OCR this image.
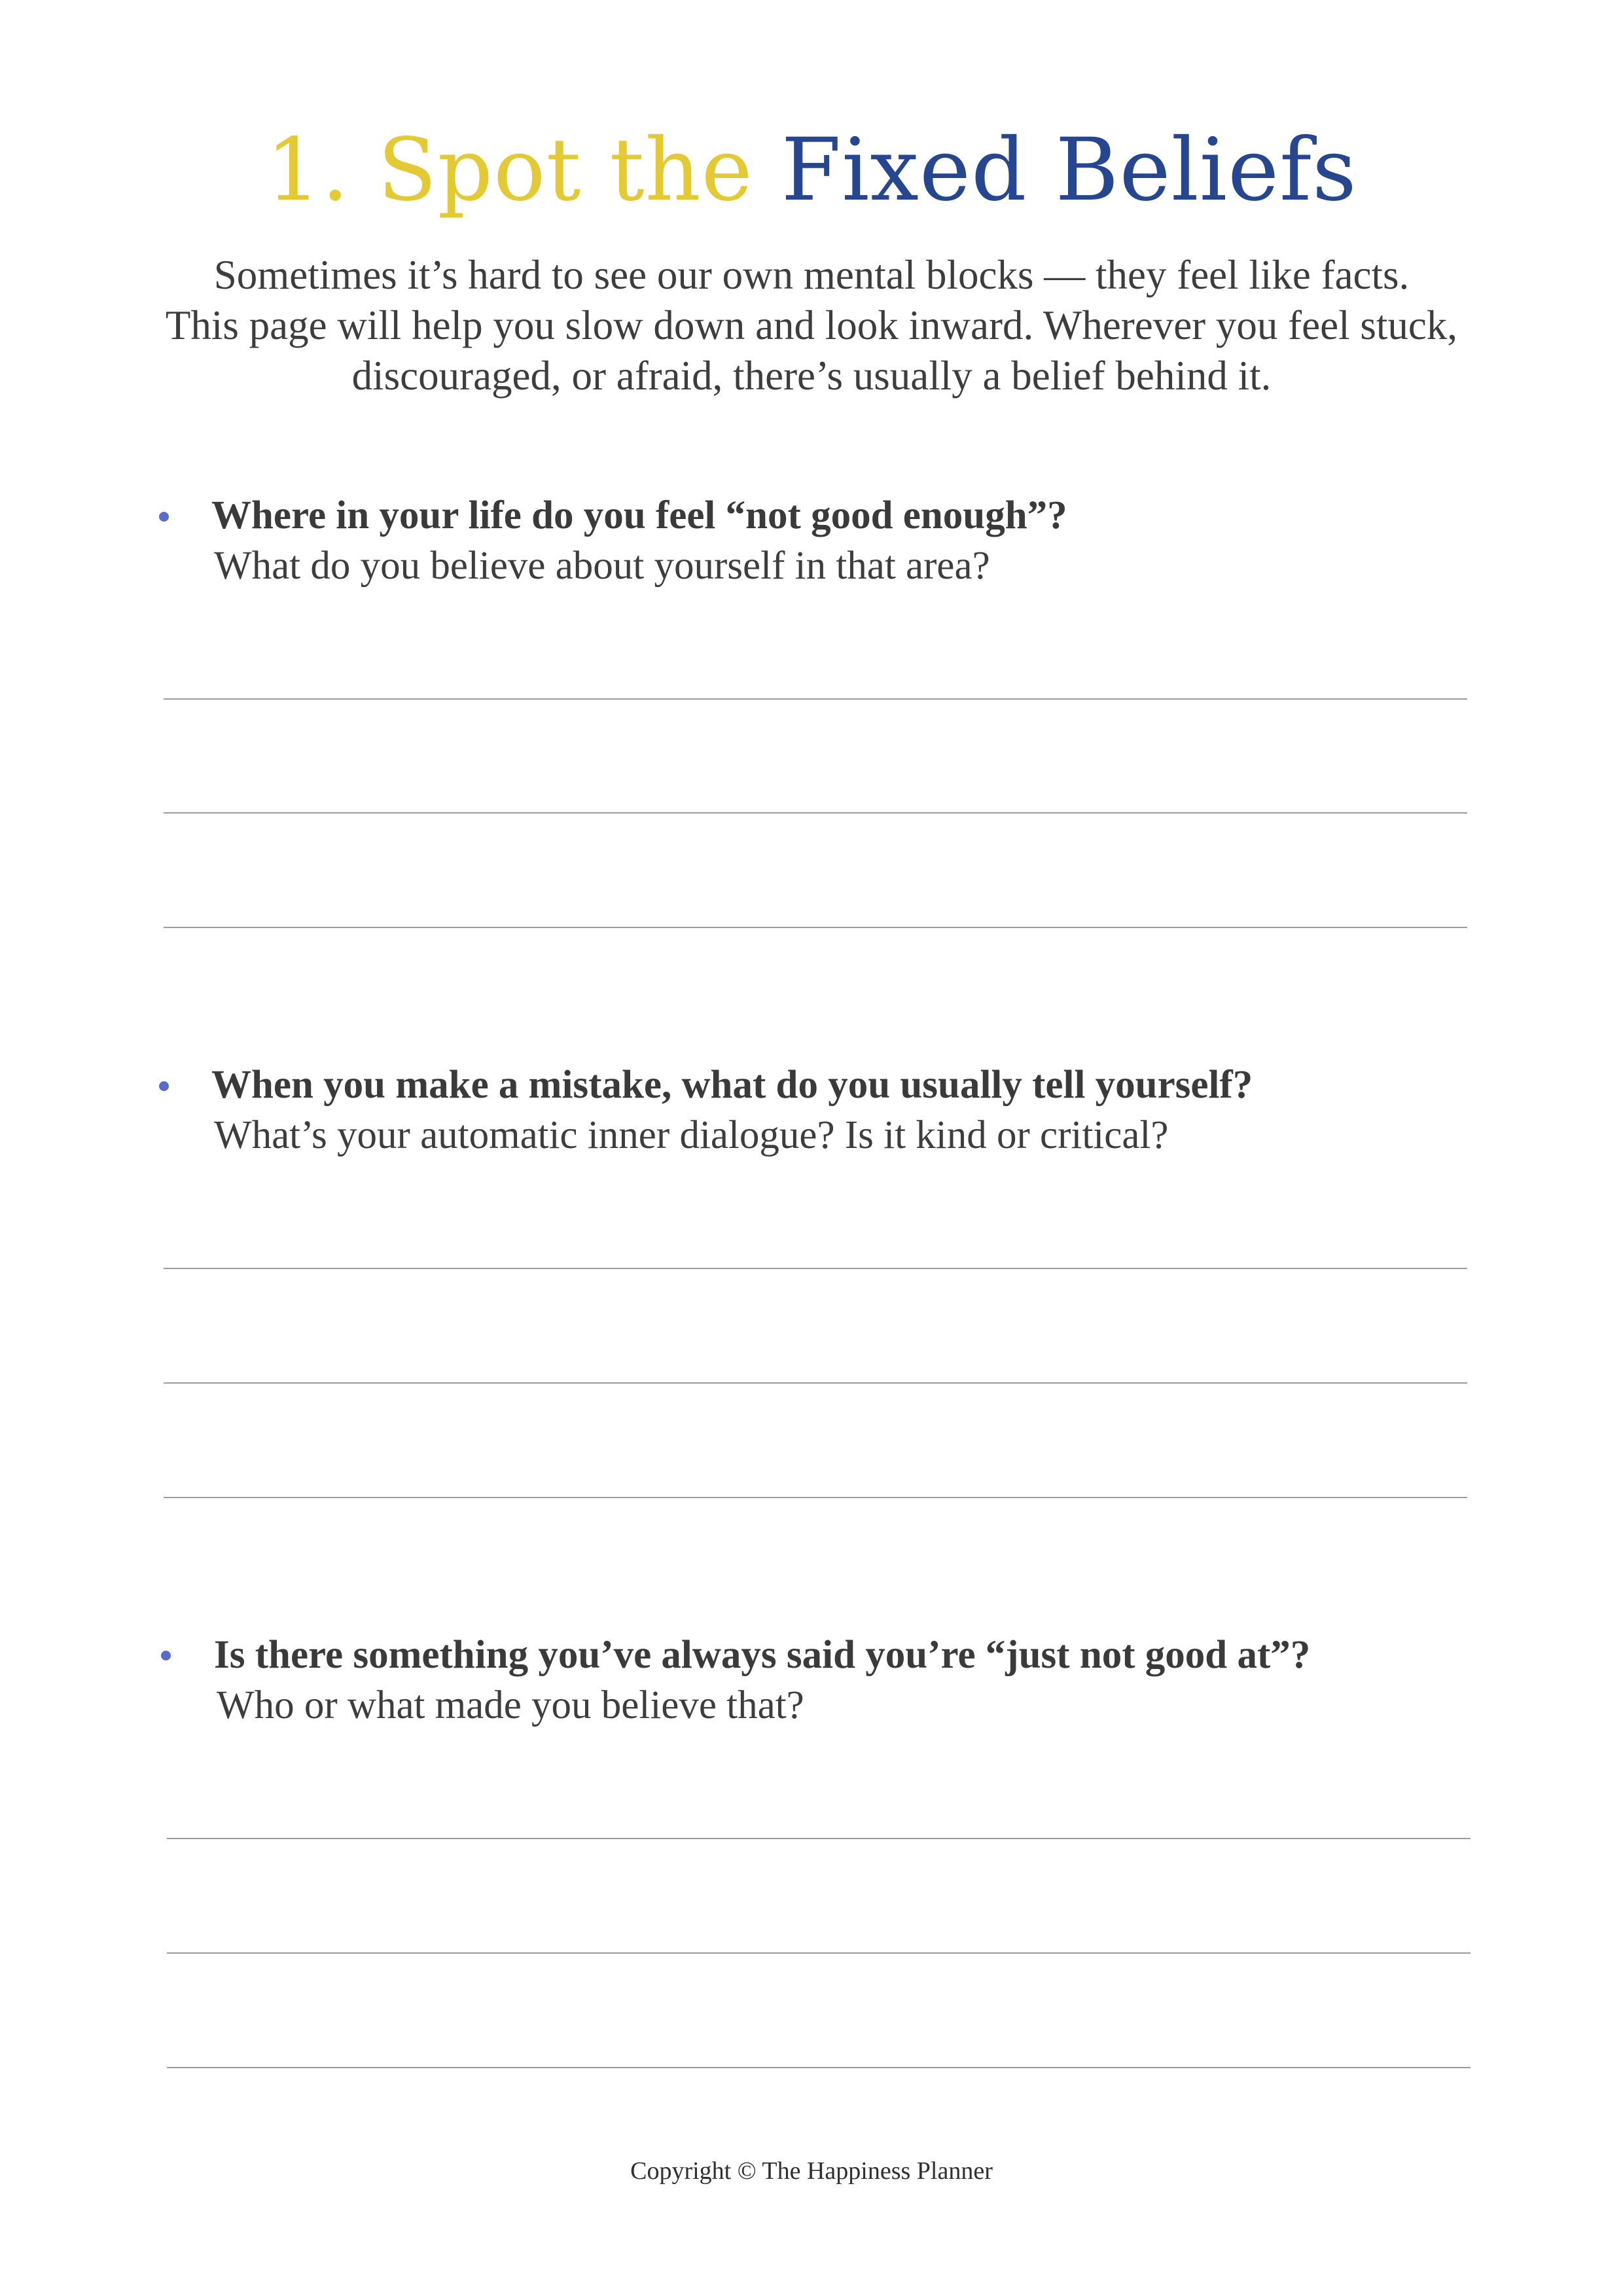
1. Spot the Fixed Beliefs
Sometimes it’s hard to see our own mental blocks — they feel like facts.
This page will help you slow down and look inward. Wherever you feel stuck,
discouraged, or afraid, there’s usually a belief behind it.
Where in your life do you feel “not good enough”?
What do you believe about yourself in that area?
When you make a mistake, what do you usually tell yourself?
What’s your automatic inner dialogue? Is it kind or critical?
Is there something you’ve always said you’re “just not good at”?
Who or what made you believe that?
Copyright © The Happiness Planner
